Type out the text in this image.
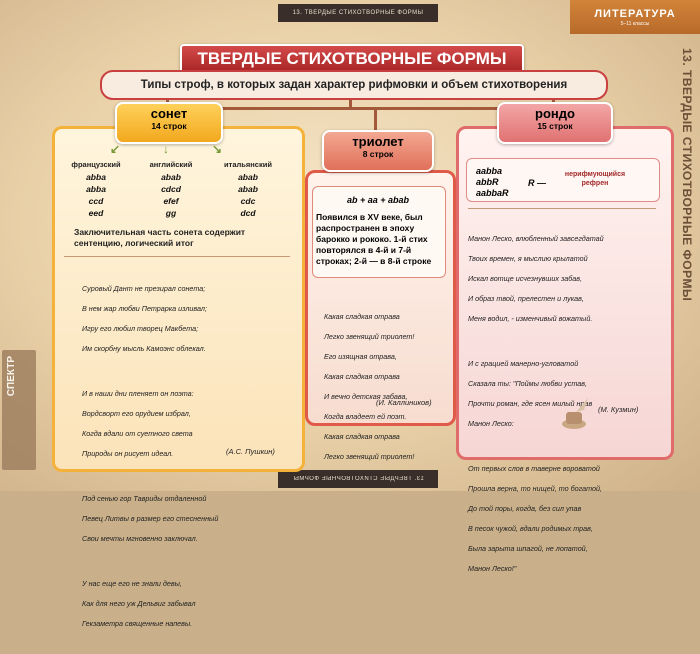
13. ТВЕРДЫЕ СТИХОТВОРНЫЕ ФОРМЫ
13. ТВЕРДЫЕ СТИХОТВОРНЫЕ ФОРМЫ
ЛИТЕРАТУРА
5–11 классы
13. ТВЕРДЫЕ СТИХОТВОРНЫЕ ФОРМЫ
СПЕКТР
ТВЕРДЫЕ СТИХОТВОРНЫЕ ФОРМЫ
Типы строф, в которых задан характер рифмовки и объем стихотворения
сонет
14 строк
↙	↓	↘
французский
abba
abba
ccd
eed
английский
abab
cdcd
efef
gg
итальянский
abab
abab
cdc
dcd
Заключительная часть сонета содержит сентенцию, логический итог

Суровый Дант не презирал сонета;

В нем жар любви Петрарка изливал;

Игру его любил творец Макбета;

Им скорбну мысль Камоэнс облекал.

И в наши дни пленяет он поэта:

Вордсворт его орудием избрал,

Когда вдали от суетного света

Природы он рисует идеал.

Под сенью гор Тавриды отдаленной

Певец Литвы в размер его стесненный

Свои мечты мгновенно заключал.

У нас еще его не знали девы,

Как для него уж Дельвиг забывал

Гекзаметра священные напевы.

(А.С. Пушкин)
триолет
8 строк
ab + aa + abab
Появился в XV веке, был распространен в эпоху барокко и рококо. 1-й стих повторялся в 4-й и 7-й строках; 2-й — в 8-й строке

Какая сладкая отрава

Легко звенящий триолет!

Его изящная отрава,

Какая сладкая отрава

И вечно детская забава,

Когда владеет ей поэт.

Какая сладкая отрава

Легко звенящий триолет!

(И. Каллиников)
рондо
15 строк
aabba
abbR
aabbaR
R —
нерифмующийся рефрен

Манон Леско, влюбленный завсегдатай

Твоих времен, я мыслию крылатой

Искал вотще исчезнувших забав,

И образ твой, прелестен и лукав,

Меня водил, - изменчивый вожатый.

И с грацией манерно-угловатой

Сказала ты: "Поймы любви устав,

Прочти роман, где ясен милый нрав

Манон Леско:

От первых слов в таверне вороватой

Прошла верна, то нищей, то богатой,

До той поры, когда, без сил упав

В песок чужой, вдали родимых трав,

Была зарыта шпагой, не лопатой,

Манон Леско!"

(М. Кузмин)
